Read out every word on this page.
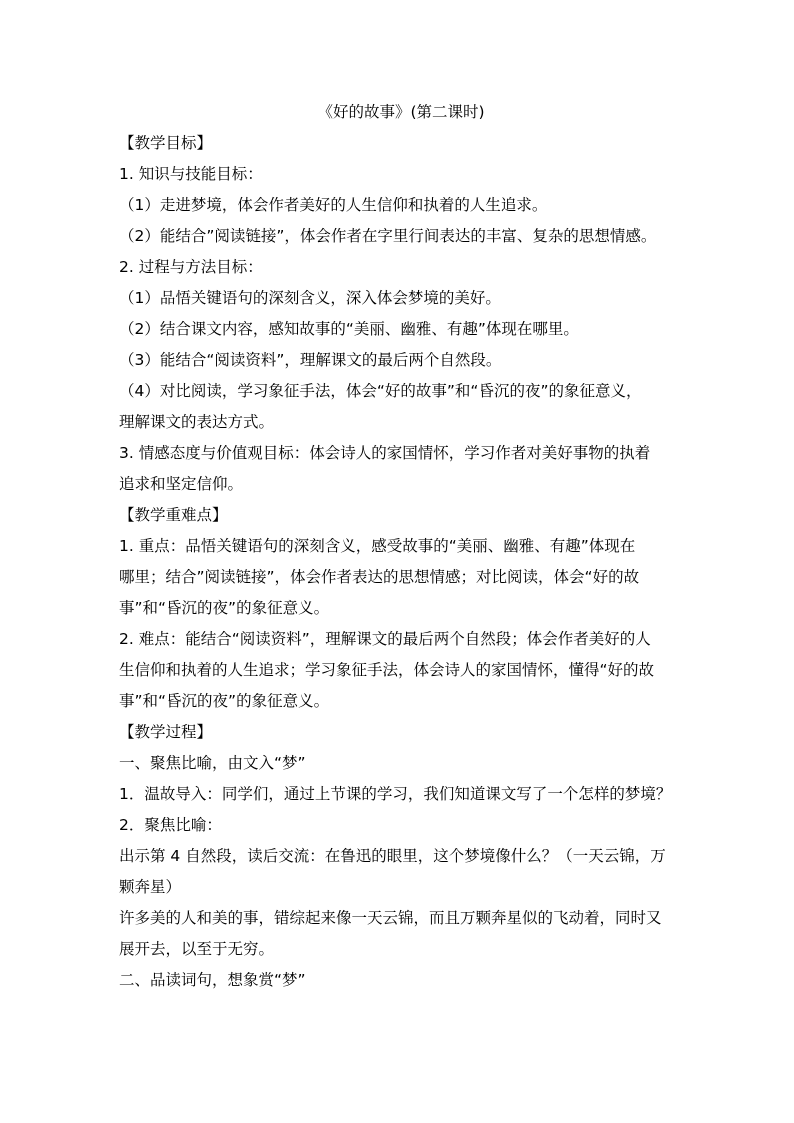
《好的故事》(第二课时)
【教学目标】
1. 知识与技能目标：
（1）走进梦境，体会作者美好的人生信仰和执着的人生追求。
（2）能结合”阅读链接”，体会作者在字里行间表达的丰富、复杂的思想情感。
2. 过程与方法目标：
（1）品悟关键语句的深刻含义，深入体会梦境的美好。
（2）结合课文内容，感知故事的“美丽、幽雅、有趣”体现在哪里。
（3）能结合“阅读资料”，理解课文的最后两个自然段。
（4）对比阅读，学习象征手法，体会“好的故事”和“昏沉的夜”的象征意义，
理解课文的表达方式。
3. 情感态度与价值观目标：体会诗人的家国情怀，学习作者对美好事物的执着
追求和坚定信仰。
【教学重难点】
1. 重点：品悟关键语句的深刻含义，感受故事的“美丽、幽雅、有趣”体现在
哪里；结合”阅读链接”，体会作者表达的思想情感；对比阅读，体会“好的故
事”和“昏沉的夜”的象征意义。
2. 难点：能结合“阅读资料”，理解课文的最后两个自然段；体会作者美好的人
生信仰和执着的人生追求；学习象征手法，体会诗人的家国情怀，懂得“好的故
事”和“昏沉的夜”的象征意义。
【教学过程】
一、聚焦比喻，由文入“梦”
1．温故导入：同学们，通过上节课的学习，我们知道课文写了一个怎样的梦境？
2．聚焦比喻：
出示第 4 自然段，读后交流：在鲁迅的眼里，这个梦境像什么？（一天云锦，万
颗奔星）
许多美的人和美的事，错综起来像一天云锦，而且万颗奔星似的飞动着，同时又
展开去，以至于无穷。
二、品读词句，想象赏“梦”
